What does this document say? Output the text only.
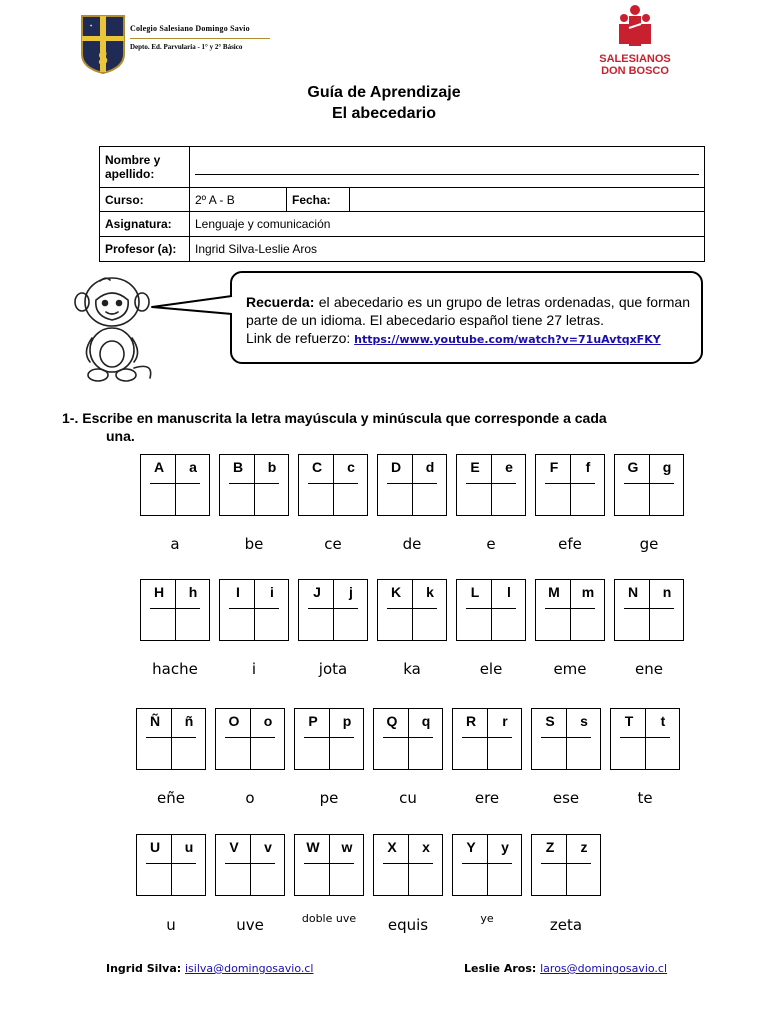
S
✦	Colegio Salesiano Domingo Savio
Depto. Ed. Parvularia - 1° y 2° Básico
SALESIANOS
DON BOSCO
Guía de Aprendizaje
El abecedario
Nombre y apellido:			

Curso:	2º A - B	Fecha:	
Asignatura:	Lenguaje y comunicación		
Profesor (a):	Ingrid Silva-Leslie Aros		
Recuerda: el abecedario es un grupo de letras ordenadas, que forman parte de un idioma. El abecedario español tiene 27 letras.
Link de refuerzo: https://www.youtube.com/watch?v=71uAvtqxFKY
1-. Escribe en manuscrita la letra mayúscula y minúscula que corresponde a cada
una.
A	a
a
B	b
be
C	c
ce
D	d
de
E	e
e
F	f
efe
G	g
ge
H	h
hache
I	i
i
J	j
jota
K	k
ka
L	l
ele
M	m
eme
N	n
ene
Ñ	ñ
eñe
O	o
o
P	p
pe
Q	q
cu
R	r
ere
S	s
ese
T	t
te
U	u
u
V	v
uve
W	w
doble uve
X	x
equis
Y	y
ye
Z	z
zeta
Ingrid Silva: isilva@domingosavio.cl	Leslie Aros: laros@domingosavio.cl
